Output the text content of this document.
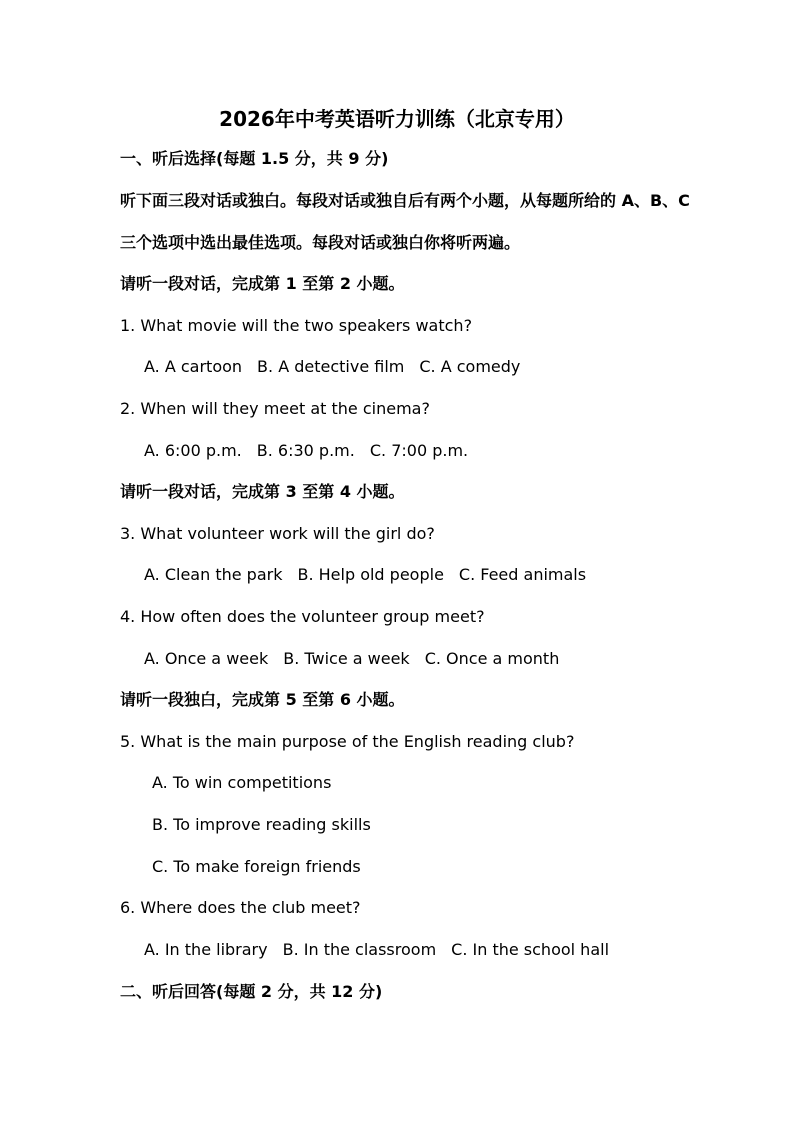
2026年中考英语听力训练（北京专用）
一、听后选择(每题 1.5 分，共 9 分)
听下面三段对话或独白。每段对话或独自后有两个小题，从每题所给的 A、B、C
三个选项中选出最佳选项。每段对话或独白你将听两遍。
请听一段对话，完成第 1 至第 2 小题。
1. What movie will the two speakers watch?
A. A cartoon B. A detective film C. A comedy
2. When will they meet at the cinema?
A. 6:00 p.m. B. 6:30 p.m. C. 7:00 p.m.
请听一段对话，完成第 3 至第 4 小题。
3. What volunteer work will the girl do?
A. Clean the park B. Help old people C. Feed animals
4. How often does the volunteer group meet?
A. Once a week B. Twice a week C. Once a month
请听一段独白，完成第 5 至第 6 小题。
5. What is the main purpose of the English reading club?
A. To win competitions
B. To improve reading skills
C. To make foreign friends
6. Where does the club meet?
A. In the library B. In the classroom C. In the school hall
二、听后回答(每题 2 分，共 12 分)
